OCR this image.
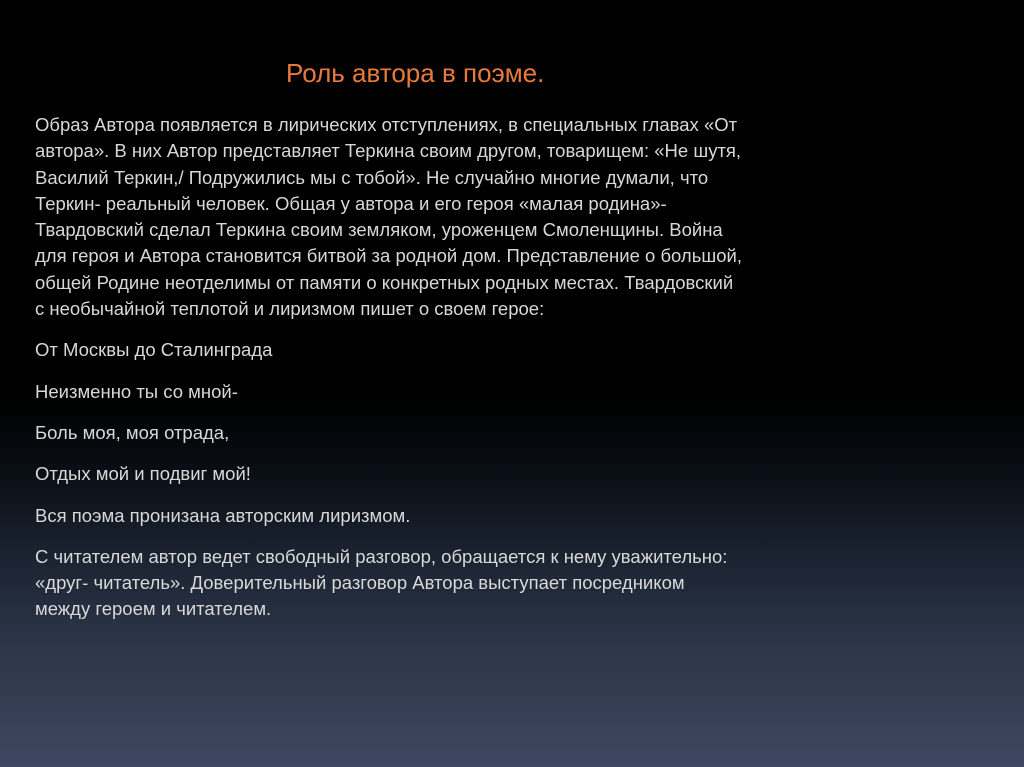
Роль автора в поэме.

Образ Автора появляется в лирических отступлениях, в специальных главах «От
автора». В них Автор представляет Теркина своим другом, товарищем: «Не шутя,
Василий Теркин,/ Подружились мы с тобой». Не случайно многие думали, что
Теркин- реальный человек. Общая у автора и его героя «малая родина»-
Твардовский сделал Теркина своим земляком, уроженцем Смоленщины. Война
для героя и Автора становится битвой за родной дом. Представление о большой,
общей Родине неотделимы от памяти о конкретных родных местах. Твардовский
с необычайной теплотой и лиризмом пишет о своем герое:

От Москвы до Сталинграда

Неизменно ты со мной-

Боль моя, моя отрада,

Отдых мой и подвиг мой!

Вся поэма пронизана авторским лиризмом.

С читателем автор ведет свободный разговор, обращается к нему уважительно:
«друг- читатель». Доверительный разговор Автора выступает посредником
между героем и читателем.
